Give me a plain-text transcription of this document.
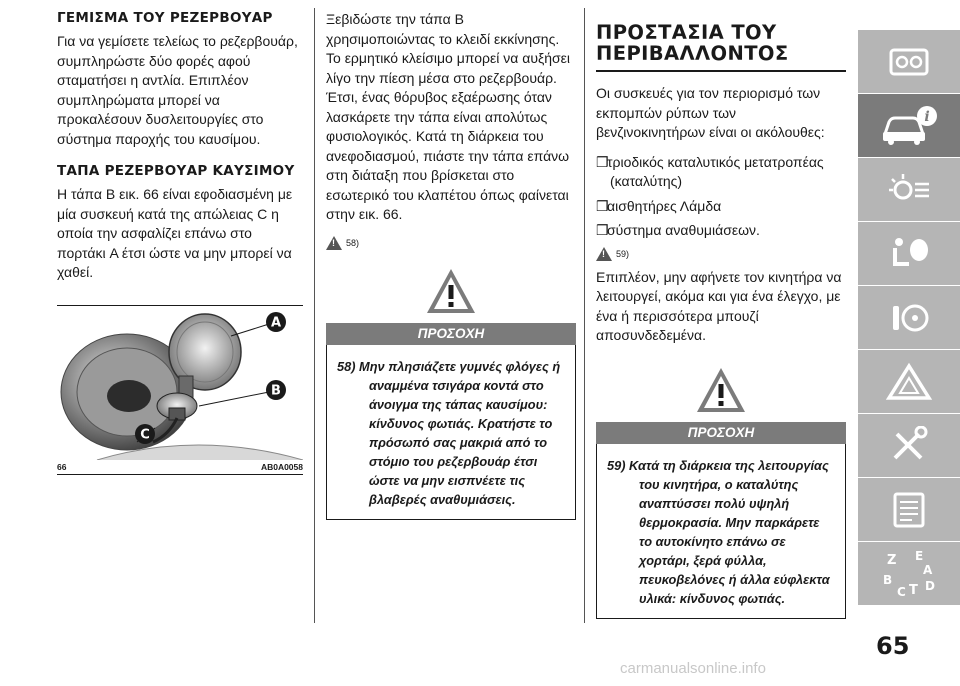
ΓΕΜΙΣΜΑ ΤΟΥ ΡΕΖΕΡΒΟΥΑΡ

Για να γεμίσετε τελείως το ρεζερβουάρ, συμπληρώστε δύο φορές αφού σταματήσει η αντλία. Επιπλέον συμπληρώματα μπορεί να προκαλέσουν δυσλειτουργίες στο σύστημα παροχής του καυσίμου.

ΤΑΠΑ ΡΕΖΕΡΒΟΥΑΡ ΚΑΥΣΙΜΟΥ

Η τάπα B εικ. 66 είναι εφοδιασμένη με μία συσκευή κατά της απώλειας C η οποία την ασφαλίζει επάνω στο πορτάκι A έτσι ώστε να μην μπορεί να χαθεί.

A
B
C
66	AB0A0058

Ξεβιδώστε την τάπα B χρησιμοποιώντας το κλειδί εκκίνησης. Το ερμητικό κλείσιμο μπορεί να αυξήσει λίγο την πίεση μέσα στο ρεζερβουάρ. Έτσι, ένας θόρυβος εξαέρωσης όταν λασκάρετε την τάπα είναι απολύτως φυσιολογικός. Κατά τη διάρκεια του ανεφοδιασμού, πιάστε την τάπα επάνω στη διάταξη που βρίσκεται στο εσωτερικό του κλαπέτου όπως φαίνεται στην εικ. 66.

!
58)
ΠΡΟΣΟΧΗ

58) Μην πλησιάζετε γυμνές φλόγες ή αναμμένα τσιγάρα κοντά στο άνοιγμα της τάπας καυσίμου: κίνδυνος φωτιάς. Κρατήστε το πρόσωπό σας μακριά από το στόμιο του ρεζερβουάρ έτσι ώστε να μην εισπνέετε τις βλαβερές αναθυμιάσεις.

ΠΡΟΣΤΑΣΙΑ ΤΟΥ
ΠΕΡΙΒΑΛΛΟΝΤΟΣ

Οι συσκευές για τον περιορισμό των εκπομπών ρύπων των βενζινοκινητήρων είναι οι ακόλουθες:

❒τριοδικός καταλυτικός μετατροπέας (καταλύτης)
❒αισθητήρες Λάμδα
❒σύστημα αναθυμιάσεων.
!
59)

Επιπλέον, μην αφήνετε τον κινητήρα να λειτουργεί, ακόμα και για ένα έλεγχο, με ένα ή περισσότερα μπουζί αποσυνδεδεμένα.

ΠΡΟΣΟΧΗ

59) Κατά τη διάρκεια της λειτουργίας του κινητήρα, ο καταλύτης αναπτύσσει πολύ υψηλή θερμοκρασία. Μην παρκάρετε το αυτοκίνητο επάνω σε χορτάρι, ξερά φύλλα, πευκοβελόνες ή άλλα εύφλεκτα υλικά: κίνδυνος φωτιάς.

i
Z E
A
B	D
C T
65
carmanualsonline.info
